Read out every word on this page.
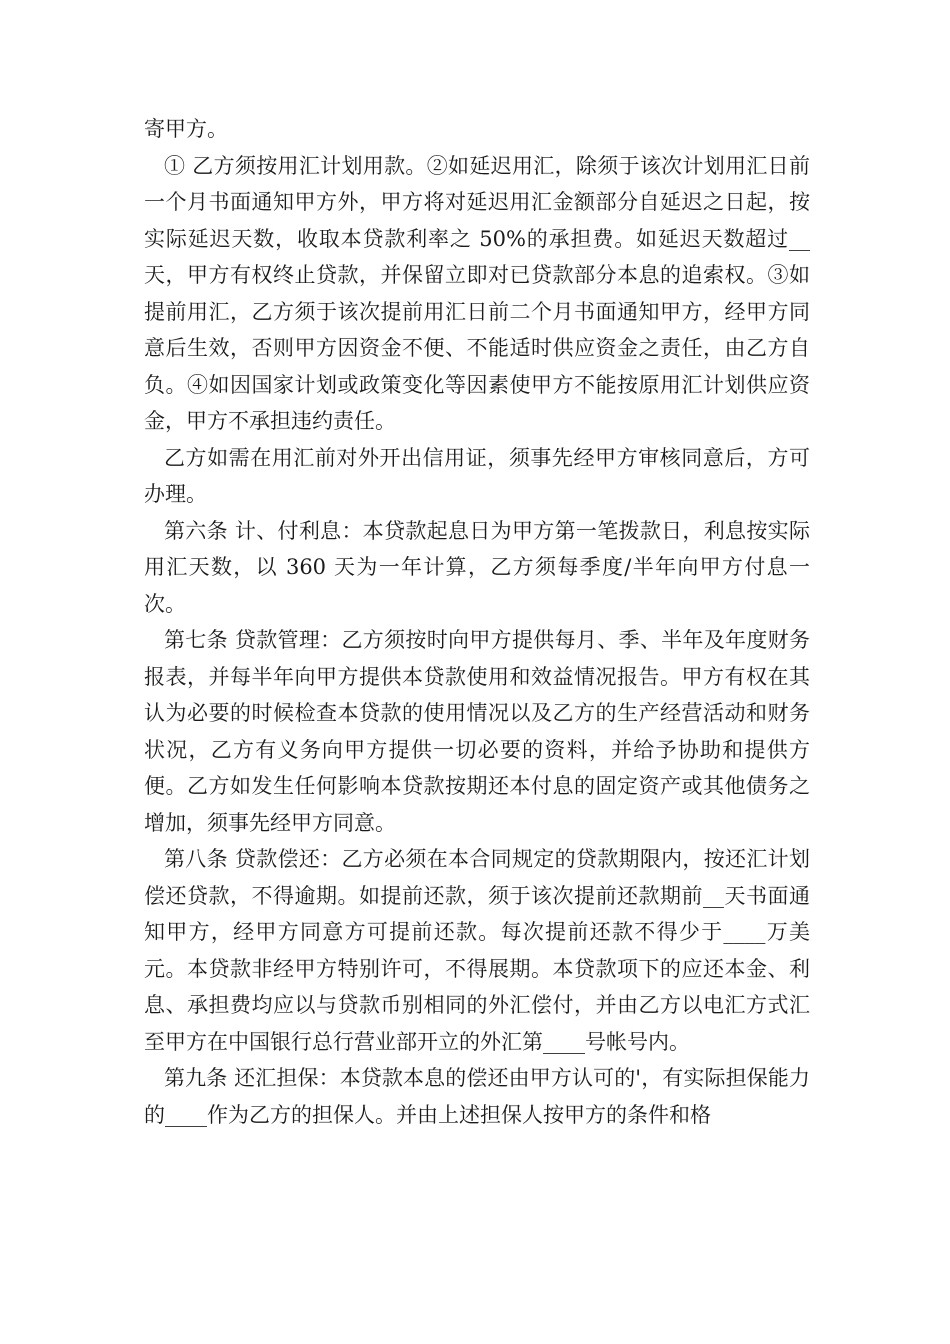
寄甲方。

① 乙方须按用汇计划用款。②如延迟用汇，除须于该次计划用汇日前一个月书面通知甲方外，甲方将对延迟用汇金额部分自延迟之日起，按实际延迟天数，收取本贷款利率之 50%的承担费。如延迟天数超过__天，甲方有权终止贷款，并保留立即对已贷款部分本息的追索权。③如提前用汇，乙方须于该次提前用汇日前二个月书面通知甲方，经甲方同意后生效，否则甲方因资金不便、不能适时供应资金之责任，由乙方自负。④如因国家计划或政策变化等因素使甲方不能按原用汇计划供应资金，甲方不承担违约责任。

乙方如需在用汇前对外开出信用证，须事先经甲方审核同意后，方可办理。

第六条 计、付利息：本贷款起息日为甲方第一笔拨款日，利息按实际用汇天数，以 360 天为一年计算，乙方须每季度/半年向甲方付息一次。

第七条 贷款管理：乙方须按时向甲方提供每月、季、半年及年度财务报表，并每半年向甲方提供本贷款使用和效益情况报告。甲方有权在其认为必要的时候检查本贷款的使用情况以及乙方的生产经营活动和财务状况，乙方有义务向甲方提供一切必要的资料，并给予协助和提供方便。乙方如发生任何影响本贷款按期还本付息的固定资产或其他债务之增加，须事先经甲方同意。

第八条 贷款偿还：乙方必须在本合同规定的贷款期限内，按还汇计划偿还贷款，不得逾期。如提前还款，须于该次提前还款期前__天书面通知甲方，经甲方同意方可提前还款。每次提前还款不得少于____万美元。本贷款非经甲方特别许可，不得展期。本贷款项下的应还本金、利息、承担费均应以与贷款币别相同的外汇偿付，并由乙方以电汇方式汇至甲方在中国银行总行营业部开立的外汇第____号帐号内。

第九条 还汇担保：本贷款本息的偿还由甲方认可的'，有实际担保能力的____作为乙方的担保人。并由上述担保人按甲方的条件和格
